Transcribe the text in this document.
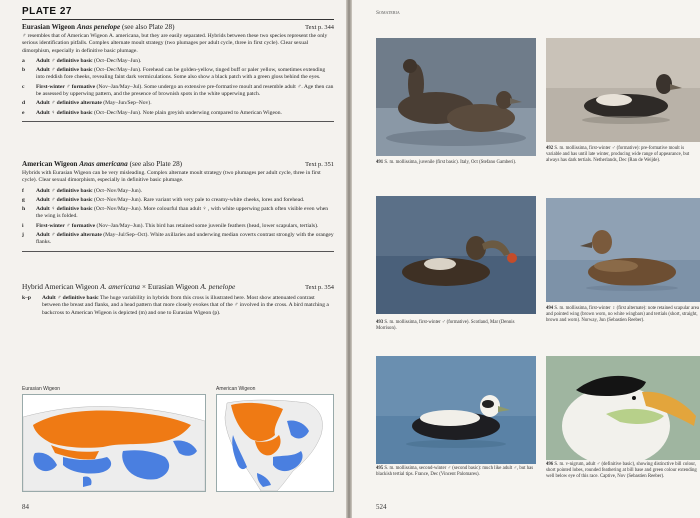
PLATE 27
Eurasian Wigeon Anas penelope (see also Plate 28)	Text p. 344
♂ resembles that of American Wigeon A. americana, but they are easily separated. Hybrids between these two species represent the only serious identification pitfalls. Complex alternate moult strategy (two plumages per adult cycle, three in first cycle). Clear sexual dimorphism, especially in definitive basic plumage.
a	Adult ♂ definitive basic (Oct–Dec/May–Jun).
b	Adult ♂ definitive basic (Oct–Dec/May–Jun). Forehead can be golden-yellow, tinged buff or paler yellow, sometimes extending into reddish fore cheeks, revealing faint dark vermiculations. Some also show a black patch with a green gloss behind the eyes.
c	First-winter ♂ formative (Nov–Jan/May–Jul). Some undergo an extensive pre-formative moult and resemble adult ♂. Age then can be assessed by upperwing pattern, and the presence of brownish spots in the white upperwing patch.
d	Adult ♂ definitive alternate (May–Jun/Sep–Nov).
e	Adult ♀ definitive basic (Oct–Dec/May–Jun). Note plain greyish underwing compared to American Wigeon.
American Wigeon Anas americana (see also Plate 28)	Text p. 351
Hybrids with Eurasian Wigeon can be very misleading. Complex alternate moult strategy (two plumages per adult cycle, three in first cycle). Clear sexual dimorphism, especially in definitive basic plumage.
f	Adult ♂ definitive basic (Oct–Nov/May–Jun).
g	Adult ♂ definitive basic (Oct–Nov/May–Jun). Rare variant with very pale to creamy-white cheeks, lores and forehead.
h	Adult ♀ definitive basic (Oct–Nov/May–Jun). More colourful than adult ♀ , with white upperwing patch often visible even when the wing is folded.
i	First-winter ♂ formative (Nov–Jan/May–Jun). This bird has retained some juvenile feathers (head, lower scapulars, tertials).
j	Adult ♂ definitive alternate (May–Jul/Sep–Oct). White axillaries and underwing median coverts contrast strongly with the orangey flanks.
Hybrid American Wigeon A. americana × Eurasian Wigeon A. penelope	Text p. 354
k–p	Adult ♂ definitive basic The huge variability in hybrids from this cross is illustrated here. Most show attenuated contrast between the breast and flanks, and a head pattern that more closely evokes that of the ♂ involved in the cross. A bird matching a backcross to American Wigeon is depicted (m) and one to Eurasian Wigeon (p).
Eurasian Wigeon	American Wigeon
84
Somateria
491 S. m. mollissima, juvenile (first basic). Italy, Oct (Stefano Gamberi).
492 S. m. mollissima, first-winter ♂ (formative): pre-formative moult is variable and has until late winter, producing wide range of appearance, but always has dark tertials. Netherlands, Dec (Ran de Weijde).
493 S. m. mollissima, first-winter ♂ (formative). Scotland, Mar (Dennis Morrison).
494 S. m. mollissima, first-winter ♀ (first alternate): note retained scapular area and pointed wing (brown worn, no white wingbars) and tertials (short, straight, brown and worn). Norway, Jun (Sebastien Reeber).
495 S. m. mollissima, second-winter ♂ (second basic): much like adult ♂, but has blackish tertial tips. France, Dec (Vincent Palomares).
496 S. m. v-nigrum, adult ♂ (definitive basic), showing distinctive bill colour, short pointed lobes, rounded feathering at bill base and green colour extending well below eye of this race. Captive, Nov (Sebastien Reeber).
524
